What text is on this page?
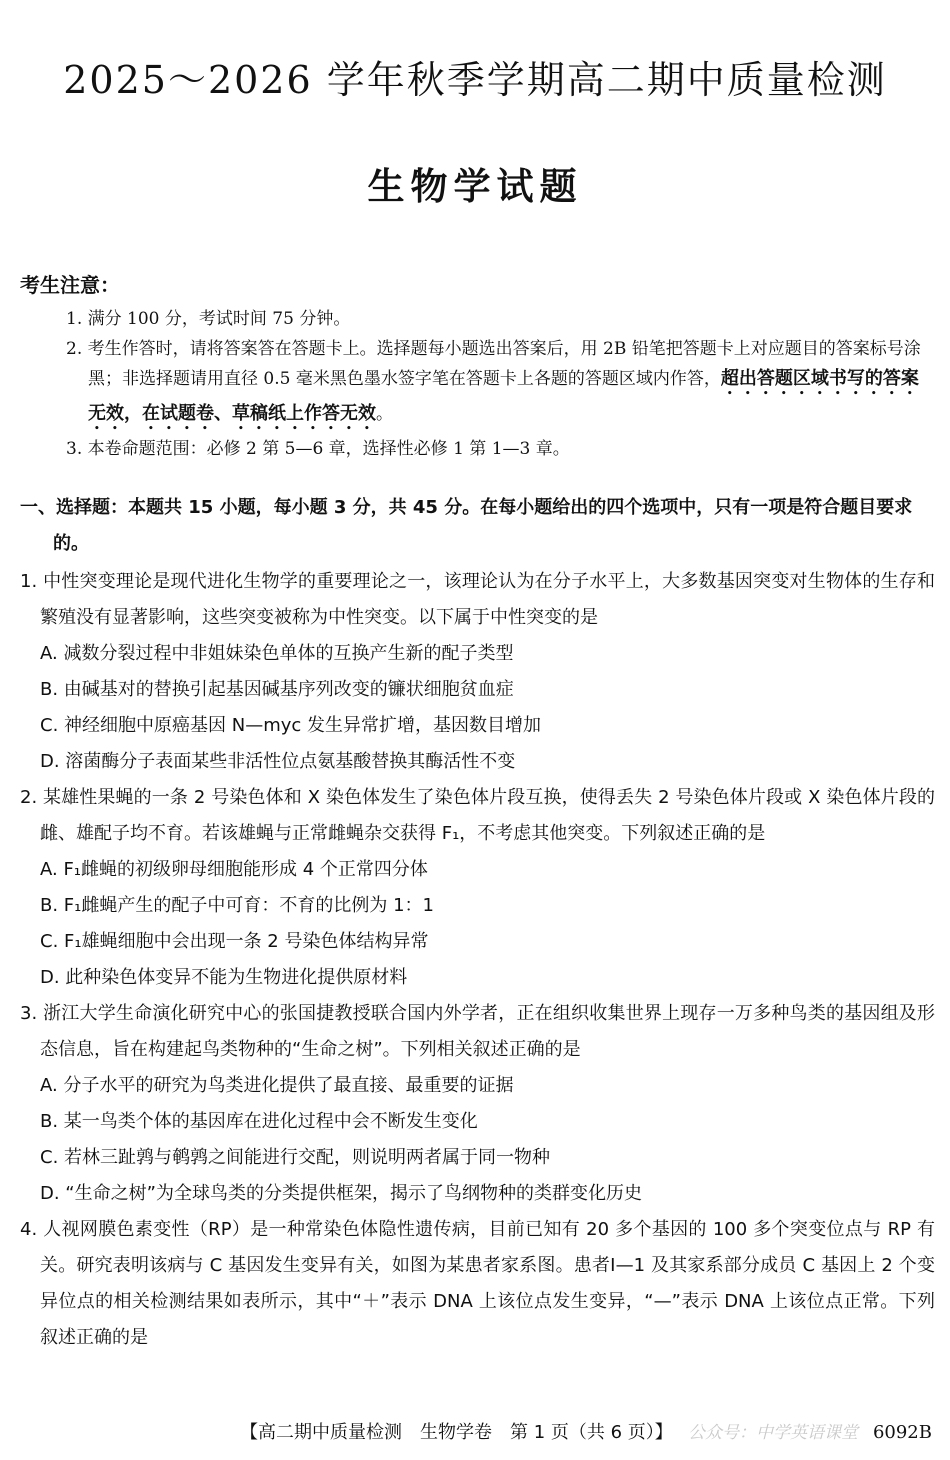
2025～2026 学年秋季学期高二期中质量检测
生物学试题
考生注意：
1. 满分 100 分，考试时间 75 分钟。
2. 考生作答时，请将答案答在答题卡上。选择题每小题选出答案后，用 2B 铅笔把答题卡上对应题目的答案标号涂黑；非选择题请用直径 0.5 毫米黑色墨水签字笔在答题卡上各题的答题区域内作答，超出答题区域书写的答案无效，在试题卷、草稿纸上作答无效。
3. 本卷命题范围：必修 2 第 5—6 章，选择性必修 1 第 1—3 章。
一、选择题：本题共 15 小题，每小题 3 分，共 45 分。在每小题给出的四个选项中，只有一项是符合题目要求的。
1. 中性突变理论是现代进化生物学的重要理论之一，该理论认为在分子水平上，大多数基因突变对生物体的生存和繁殖没有显著影响，这些突变被称为中性突变。以下属于中性突变的是
A. 减数分裂过程中非姐妹染色单体的互换产生新的配子类型
B. 由碱基对的替换引起基因碱基序列改变的镰状细胞贫血症
C. 神经细胞中原癌基因 N—myc 发生异常扩增，基因数目增加
D. 溶菌酶分子表面某些非活性位点氨基酸替换其酶活性不变
2. 某雄性果蝇的一条 2 号染色体和 X 染色体发生了染色体片段互换，使得丢失 2 号染色体片段或 X 染色体片段的雌、雄配子均不育。若该雄蝇与正常雌蝇杂交获得 F₁，不考虑其他突变。下列叙述正确的是
A. F₁雌蝇的初级卵母细胞能形成 4 个正常四分体
B. F₁雌蝇产生的配子中可育：不育的比例为 1：1
C. F₁雄蝇细胞中会出现一条 2 号染色体结构异常
D. 此种染色体变异不能为生物进化提供原材料
3. 浙江大学生命演化研究中心的张国捷教授联合国内外学者，正在组织收集世界上现存一万多种鸟类的基因组及形态信息，旨在构建起鸟类物种的“生命之树”。下列相关叙述正确的是
A. 分子水平的研究为鸟类进化提供了最直接、最重要的证据
B. 某一鸟类个体的基因库在进化过程中会不断发生变化
C. 若林三趾鹑与鹌鹑之间能进行交配，则说明两者属于同一物种
D. “生命之树”为全球鸟类的分类提供框架，揭示了鸟纲物种的类群变化历史
4. 人视网膜色素变性（RP）是一种常染色体隐性遗传病，目前已知有 20 多个基因的 100 多个突变位点与 RP 有关。研究表明该病与 C 基因发生变异有关，如图为某患者家系图。患者Ⅰ—1 及其家系部分成员 C 基因上 2 个变异位点的相关检测结果如表所示，其中“＋”表示 DNA 上该位点发生变异，“—”表示 DNA 上该位点正常。下列叙述正确的是
【高二期中质量检测　生物学卷　第 1 页（共 6 页）】 公众号：中学英语课堂 6092B
